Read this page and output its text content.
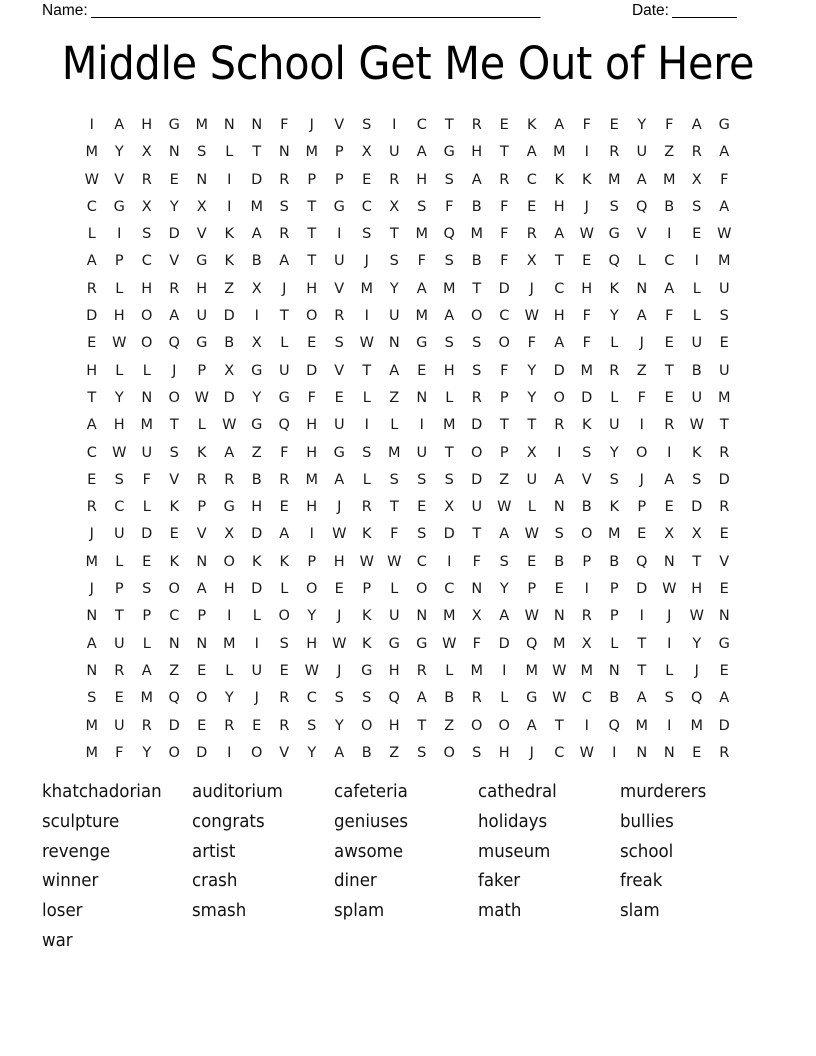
Name: ________________________________________________________	Date: ________
Middle School Get Me Out of Here
I	A	H	G	M	N	N	F	J	V	S	I	C	T	R	E	K	A	F	E	Y	F	A	G
M	Y	X	N	S	L	T	N	M	P	X	U	A	G	H	T	A	M	I	R	U	Z	R	A
W	V	R	E	N	I	D	R	P	P	E	R	H	S	A	R	C	K	K	M	A	M	X	F
C	G	X	Y	X	I	M	S	T	G	C	X	S	F	B	F	E	H	J	S	Q	B	S	A
L	I	S	D	V	K	A	R	T	I	S	T	M	Q	M	F	R	A	W	G	V	I	E	W
A	P	C	V	G	K	B	A	T	U	J	S	F	S	B	F	X	T	E	Q	L	C	I	M
R	L	H	R	H	Z	X	J	H	V	M	Y	A	M	T	D	J	C	H	K	N	A	L	U
D	H	O	A	U	D	I	T	O	R	I	U	M	A	O	C	W	H	F	Y	A	F	L	S
E	W	O	Q	G	B	X	L	E	S	W	N	G	S	S	O	F	A	F	L	J	E	U	E
H	L	L	J	P	X	G	U	D	V	T	A	E	H	S	F	Y	D	M	R	Z	T	B	U
T	Y	N	O	W	D	Y	G	F	E	L	Z	N	L	R	P	Y	O	D	L	F	E	U	M
A	H	M	T	L	W	G	Q	H	U	I	L	I	M	D	T	T	R	K	U	I	R	W	T
C	W	U	S	K	A	Z	F	H	G	S	M	U	T	O	P	X	I	S	Y	O	I	K	R
E	S	F	V	R	R	B	R	M	A	L	S	S	S	D	Z	U	A	V	S	J	A	S	D
R	C	L	K	P	G	H	E	H	J	R	T	E	X	U	W	L	N	B	K	P	E	D	R
J	U	D	E	V	X	D	A	I	W	K	F	S	D	T	A	W	S	O	M	E	X	X	E
M	L	E	K	N	O	K	K	P	H	W W	C	I	F	S	E	B	P	B	Q	N	T	V
J	P	S	O	A	H	D	L	O	E	P	L	O	C	N	Y	P	E	I	P	D	W	H	E
N	T	P	C	P	I	L	O	Y	J	K	U	N	M	X	A	W	N	R	P	I	J	W	N
A	U	L	N	N	M	I	S	H	W	K	G	G	W	F	D	Q	M	X	L	T	I	Y	G
N	R	A	Z	E	L	U	E	W	J	G	H	R	L	M	I	M W M	N	T	L	J	E
S	E	M	Q	O	Y	J	R	C	S	S	Q	A	B	R	L	G	W	C	B	A	S	Q	A
M	U	R	D	E	R	E	R	S	Y	O	H	T	Z	O	O	A	T	I	Q	M	I	M	D
M	F	Y	O	D	I	O	V	Y	A	B	Z	S	O	S	H	J	C	W	I	N	N	E	R
khatchadorian
sculpture
revenge
winner
loser
war
auditorium
congrats
artist
crash
smash
cafeteria
geniuses
awsome
diner
splam
cathedral
holidays
museum
faker
math
murderers
bullies
school
freak
slam
